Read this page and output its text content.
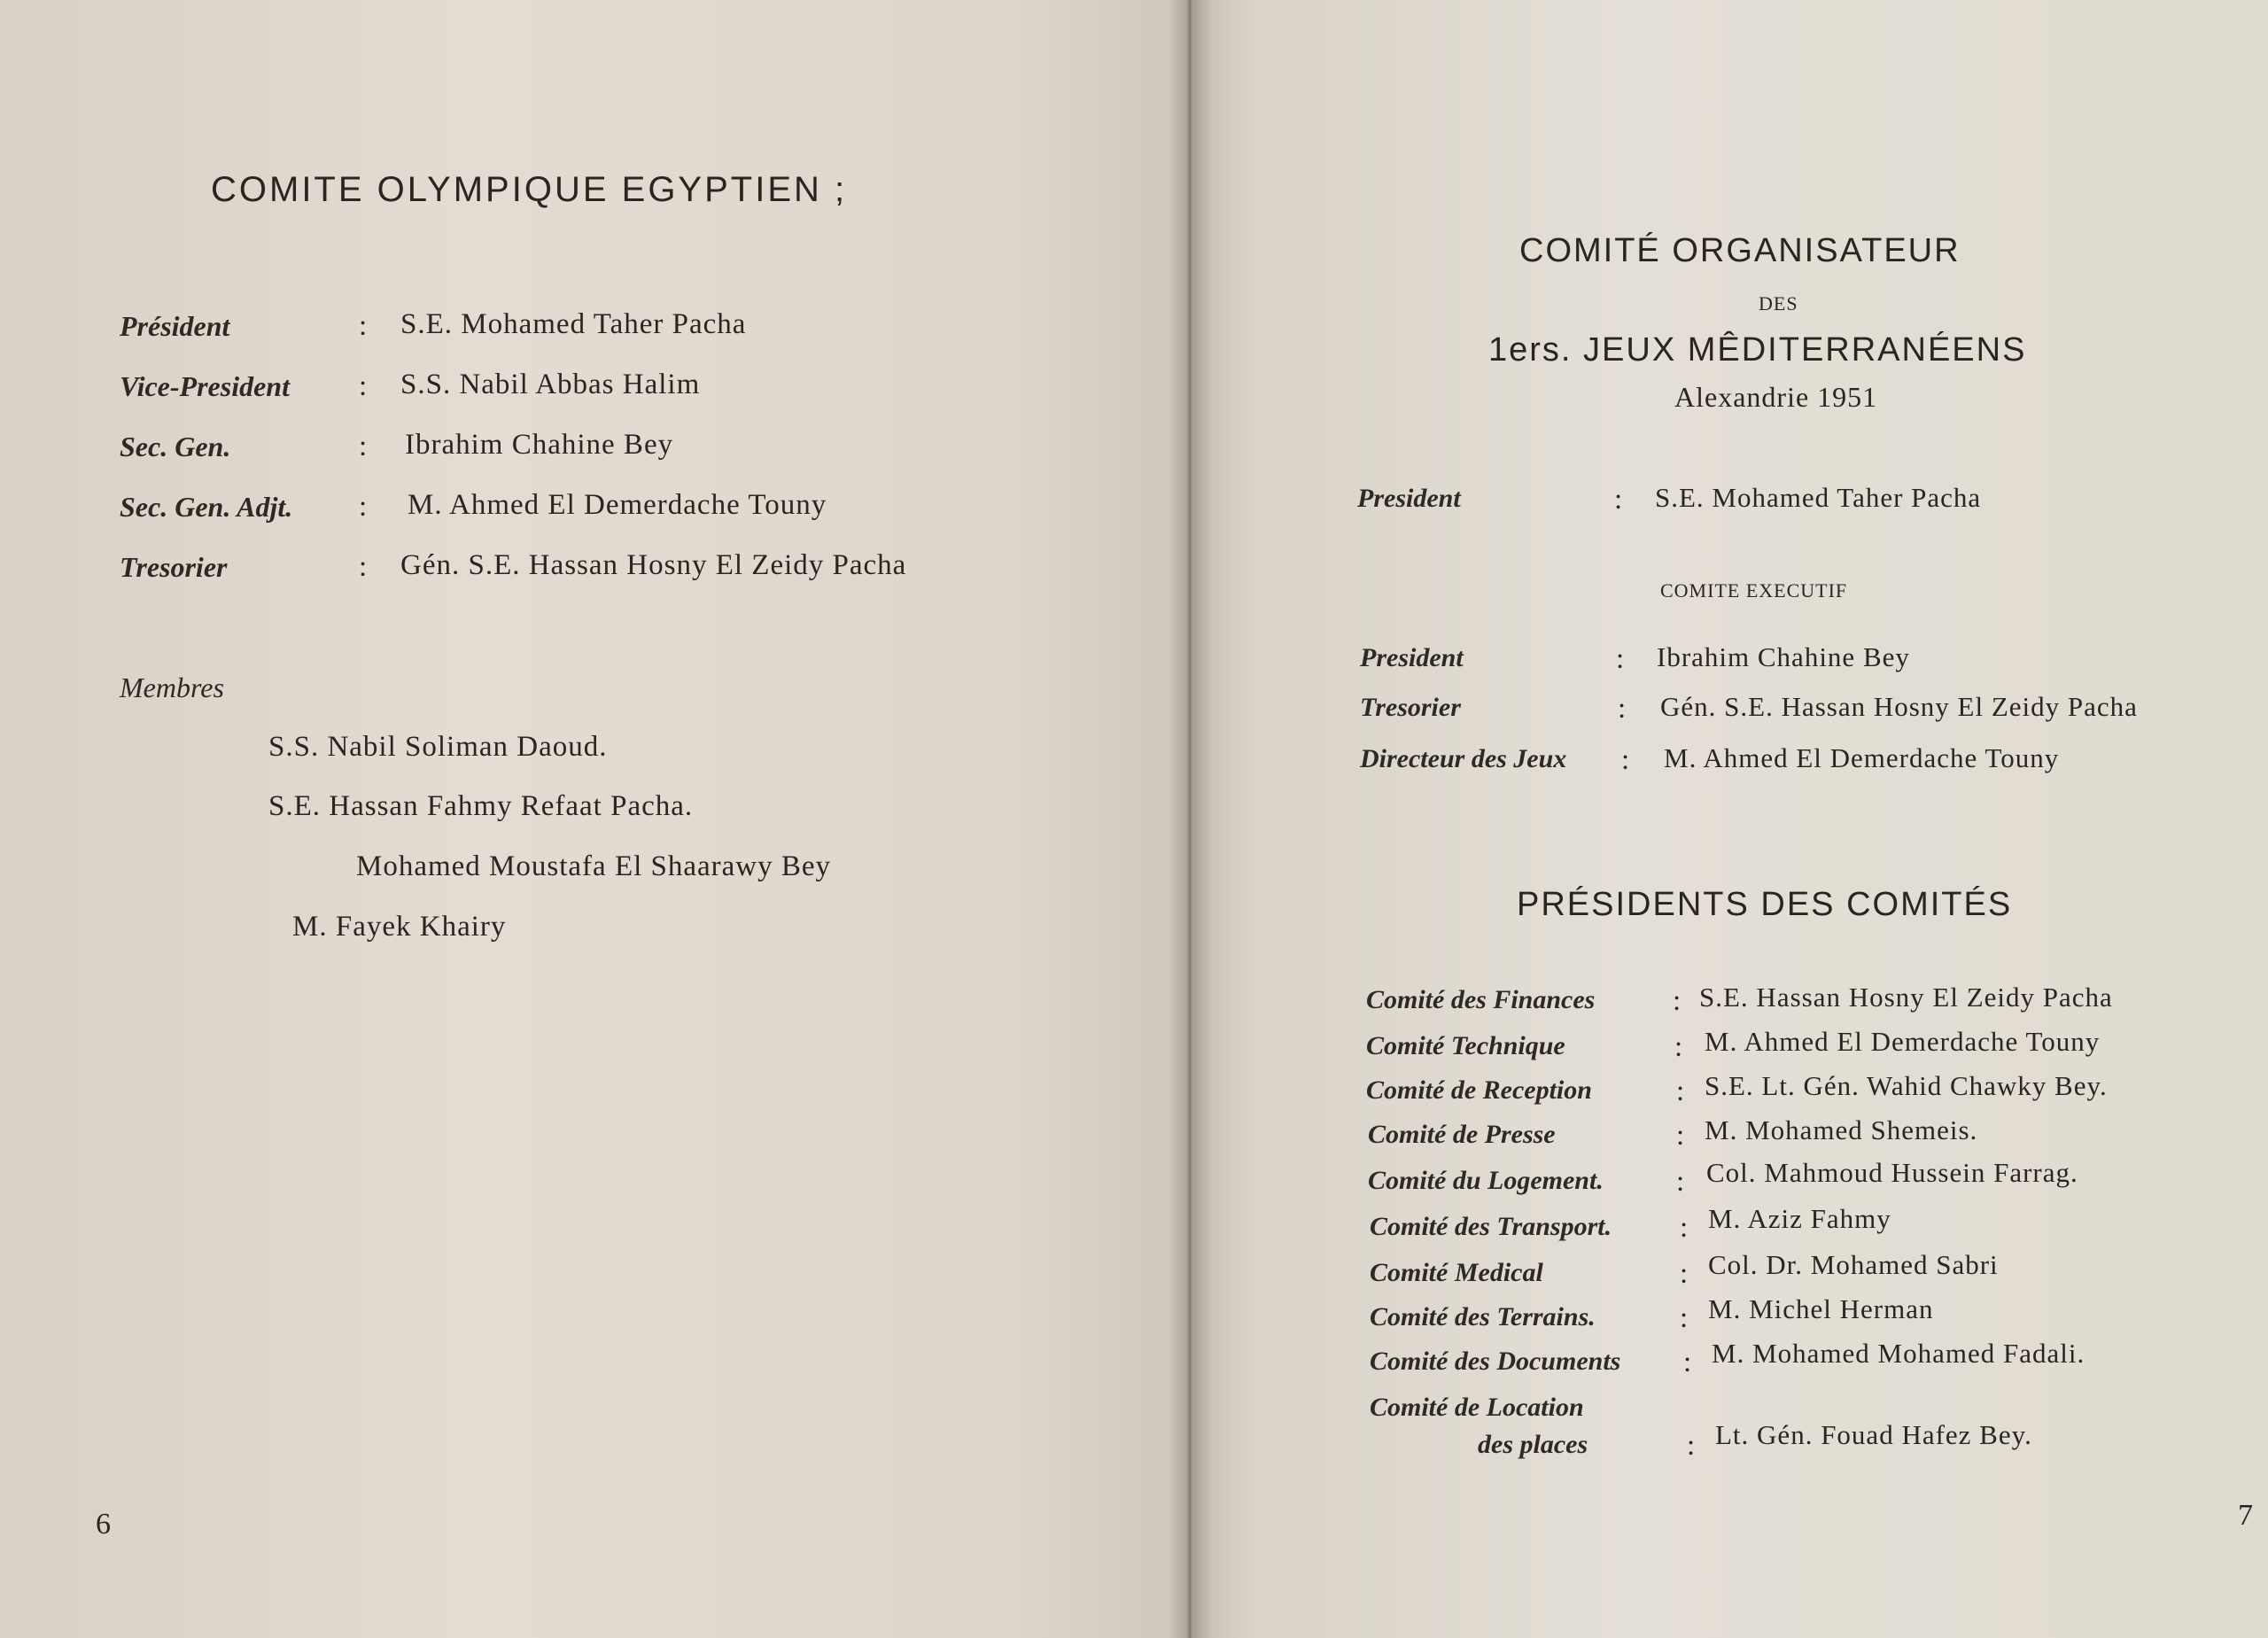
COMITE OLYMPIQUE EGYPTIEN ;
Président	: S.E. Mohamed Taher Pacha
Vice-President : S.S. Nabil Abbas Halim
Sec. Gen.	: Ibrahim Chahine Bey
Sec. Gen. Adjt. : M. Ahmed El Demerdache Touny
Tresorier	: Gén. S.E. Hassan Hosny El Zeidy Pacha
Membres
S.S. Nabil Soliman Daoud.
S.E. Hassan Fahmy Refaat Pacha.
Mohamed Moustafa El Shaarawy Bey
M. Fayek Khairy
6
COMITÉ ORGANISATEUR
DES
1ers. JEUX MÊDITERRANÉENS
Alexandrie 1951
President	: S.E. Mohamed Taher Pacha
COMITE EXECUTIF
President	: Ibrahim Chahine Bey
Tresorier	: Gén. S.E. Hassan Hosny El Zeidy Pacha
Directeur des Jeux : M. Ahmed El Demerdache Touny
PRÉSIDENTS DES COMITÉS
Comité des Finances	: S.E. Hassan Hosny El Zeidy Pacha
Comité Technique	: M. Ahmed El Demerdache Touny
Comité de Reception	: S.E. Lt. Gén. Wahid Chawky Bey.
Comité de Presse	: M. Mohamed Shemeis.
Comité du Logement. : Col. Mahmoud Hussein Farrag.
Comité des Transport. : M. Aziz Fahmy
Comité Medical	: Col. Dr. Mohamed Sabri
Comité des Terrains.	: M. Michel Herman
Comité des Documents : M. Mohamed Mohamed Fadali.
Comité de Location
des places	: Lt. Gén. Fouad Hafez Bey.
7
